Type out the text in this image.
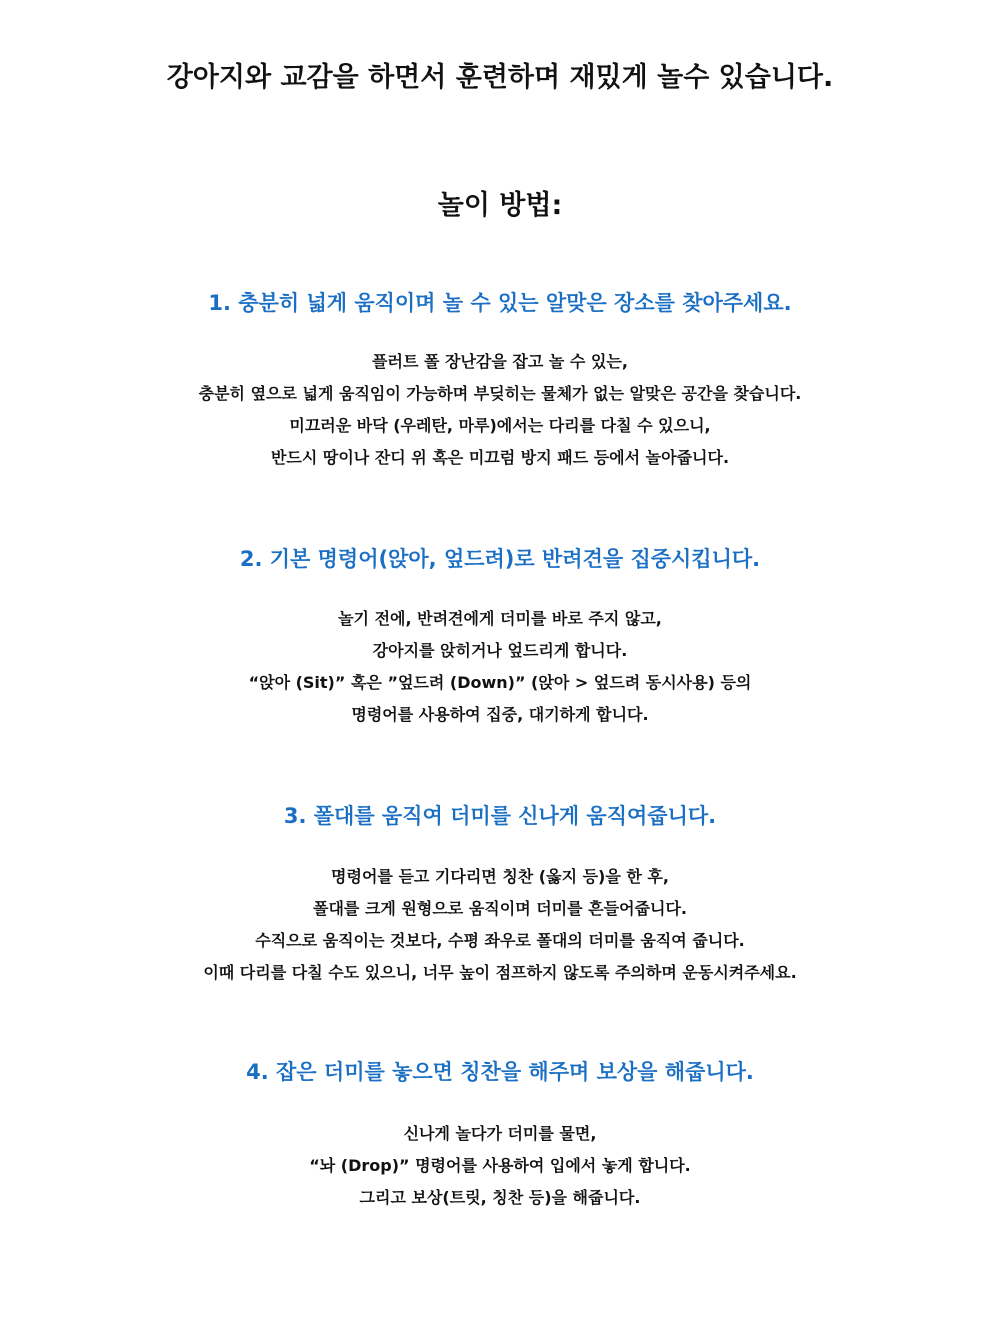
강아지와 교감을 하면서 훈련하며 재밌게 놀수 있습니다.
놀이 방법:
1. 충분히 넓게 움직이며 놀 수 있는 알맞은 장소를 찾아주세요.
플러트 폴 장난감을 잡고 놀 수 있는,
충분히 옆으로 넓게 움직임이 가능하며 부딪히는 물체가 없는 알맞은 공간을 찾습니다.
미끄러운 바닥 (우레탄, 마루)에서는 다리를 다칠 수 있으니,
반드시 땅이나 잔디 위 혹은 미끄럼 방지 패드 등에서 놀아줍니다.
2. 기본 명령어(앉아, 엎드려)로 반려견을 집중시킵니다.
놀기 전에, 반려견에게 더미를 바로 주지 않고,
강아지를 앉히거나 엎드리게 합니다.
“앉아 (Sit)” 혹은 ”엎드려 (Down)” (앉아 > 엎드려 동시사용) 등의
명령어를 사용하여 집중, 대기하게 합니다.
3. 폴대를 움직여 더미를 신나게 움직여줍니다.
명령어를 듣고 기다리면 칭찬 (옳지 등)을 한 후,
폴대를 크게 원형으로 움직이며 더미를 흔들어줍니다.
수직으로 움직이는 것보다, 수평 좌우로 폴대의 더미를 움직여 줍니다.
이때 다리를 다칠 수도 있으니, 너무 높이 점프하지 않도록 주의하며 운동시켜주세요.
4. 잡은 더미를 놓으면 칭찬을 해주며 보상을 해줍니다.
신나게 놀다가 더미를 물면,
“놔 (Drop)” 명령어를 사용하여 입에서 놓게 합니다.
그리고 보상(트릿, 칭찬 등)을 해줍니다.
